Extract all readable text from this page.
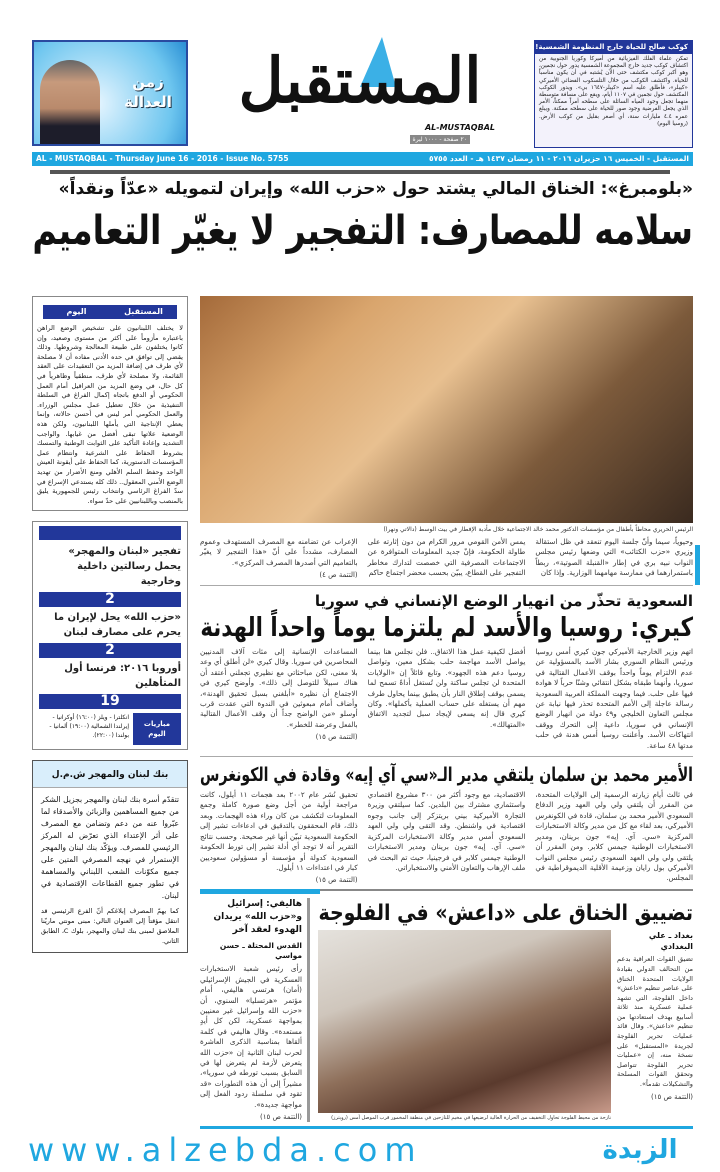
زمن العدالة	المستقبل
AL-MUSTAQBAL
٢٠ صفحة - ١٠٠٠ ليرة
كوكب صالح للحياة خارج المنظومة الشمسية!
تمكن علماء الفلك الفيزيائية من أميركا وكوريا الجنوبية من اكتشاف كوكب جديد خارج المجموعة الشمسية يدور حول نجمين، وهو أكبر كوكب مكتشف حتى الآن يُشتبه في أن يكون مناسباً للحياة. واكتشف الكوكب من خلال التلسكوب الفضائي الأميركي «كيبلر»، فأطلق عليه اسم «كيبلر-١٦٤٧ بي». ويدور الكوكب المكتشف حول نجمين في ١١٠٧ أيام، ويقع على مسافة متوسطة منهما تجعل وجود المياه السائلة على سطحه أمراً ممكناً، الأمر الذي يجعل الفرضية وجود صور للحياة على سطحه ممكنة. ويبلغ عمره ٤.٤ مليارات سنة، أي أصغر بقليل من كوكب الأرض. (روسيا اليوم)
AL - MUSTAQBAL - Thursday June 16 - 2016 - Issue No. 5755	المستقبل - الخميس ١٦ حزيران ٢٠١٦ - ١١ رمضان ١٤٣٧ هـ - العدد ٥٧٥٥
«بلومبرغ»: الخناق المالي يشتد حول «حزب الله» وإيران لتمويله «عدّاً ونقداً»
سلامه للمصارف: التفجير لا يغيّر التعاميم
الرئيس الحريري محاطاً بأطفال من مؤسسات الدكتور محمد خالد الاجتماعية خلال مأدبة الإفطار في بيت الوسط (دالاتي ونهرا)
وحيوياً، سيما وأنّ جلسة اليوم تنعقد في ظل استقالة وزيري «حزب الكتائب» التي وضعها رئيس مجلس النواب نبيه بري في إطار «القنبلة الصوتية»، ربطاً باستمرارهما في ممارسة مهامهما الوزارية. وإذا كان
يمس الأمن القومي مرور الكرام من دون إثارته على طاولة الحكومة، فإنّ جديد المعلومات المتوافرة عن الاجتماعات المصرفية التي خصصت لتدارك مخاطر التفجير على القطاع، يبيّن بحسب محضر اجتماع حاكم
الإعراب عن تضامنه مع المصرف المستهدف وعموم المصارف، مشدداً على أنّ «هذا التفجير لا يغيّر بالتعاميم التي أصدرها المصرف المركزي».
(التتمة ص ٤)
السعودية تحذّر من انهيار الوضع الإنساني في سوريا
كيري: روسيا والأسد لم يلتزما يوماً واحداً الهدنة
اتهم وزير الخارجية الأميركي جون كيري أمس روسيا ورئيس النظام السوري بشار الأسد بالمسؤولية عن عدم الالتزام يوماً واحداً بوقف الأعمال القتالية في سوريا، وأنهما طبقاه بشكل انتقائي وشنّا حرباً لا هوادة فيها على حلب. فيما وجهت المملكة العربية السعودية رسالة عاجلة إلى الأمم المتحدة تحذر فيها نيابة عن مجلس التعاون الخليجي و٤٩ دولة من انهيار الوضع الإنساني في سوريا، داعية إلى التحرك ووقف انتهاكات الأسد. وأعلنت روسيا أمس هدنة في حلب مدتها ٤٨ ساعة.
أفضل لكيفية عمل هذا الاتفاق.. فلن نجلس هنا بينما يواصل الأسد مهاجمة حلب بشكل معين، وتواصل روسيا دعم هذه الجهود». وتابع قائلاً إن «الولايات المتحدة لن تجلس ساكنة ولن تُستغل أداةً تسمح لما يسمى بوقف إطلاق النار بأن يطبق بينما يحاول طرف مهم أن يستغله على حساب العملية بأكملها». وكان كيري قال إنه يسعى لإيجاد سبل لتجديد الاتفاق «المتهالك».
المساعدات الإنسانية إلى مئات آلاف المدنيين المحاصرين في سوريا. وقال كيري «لن أطلق أي وعد بلا معنى، لكن مباحثاتي مع نظيري تجعلني أعتقد أن هناك سبيلاً للتوصل إلى ذلك». وأوضح كيري في الاجتماع أن نظيره «أبلغني بسبل تحقيق الهدنة»، وأضاف أمام مبعوثين في الندوة التي عقدت قرب أوسلو «من الواضح جداً أن وقف الأعمال القتالية بالفعل وعرضة للخطر».
(التتمة ص ١٥)
الأمير محمد بن سلمان يلتقي مدير الـ«سي آي إيه» وقادة في الكونغرس
في ثالث أيام زيارته الرسمية إلى الولايات المتحدة، من المقرر أن يلتقي ولي ولي العهد وزير الدفاع السعودي الأمير محمد بن سلمان، قادة في الكونغرس الأميركي، بعد لقاء مع كل من مدير وكالة الاستخبارات المركزية «سي. آي. إيه» جون برينان، ومدير الاستخبارات الوطنية جيمس كلابر. ومن المقرر أن يلتقي ولي ولي العهد السعودي رئيس مجلس النواب الأميركي بول رايان وزعيمة الأقلية الديموقراطية في المجلس.
الاقتصادية، مع وجود أكثر من ٣٠٠ مشروع اقتصادي واستثماري مشترك بين البلدين. كما سيلتقي وزيرة التجارة الأميركية بيني بريتزكر إلى جانب وجوه اقتصادية في واشنطن. وقد التقى ولي ولي العهد السعودي أمس مدير وكالة الاستخبارات المركزية «سي. آي. إيه» جون برينان ومدير الاستخبارات الوطنية جيمس كلابر في فرجينيا، حيث تم البحث في ملف الإرهاب والتعاون الأمني والاستخباراتي.
تحقيق نُشر عام ٢٠٠٢ بعد هجمات ١١ أيلول، كانت مراجعة أولية من أجل وضع صورة كاملة وجمع المعلومات لتكشف من كان وراء هذه الهجمات. وبعد ذلك، قام المحققون بالتدقيق في ادعاءات تشير إلى الحكومة السعودية تبيّن أنها غير صحيحة. وحسب نتائج التقرير أنه لا توجد أي أدلة تشير إلى تورط الحكومة السعودية كدولة أو مؤسسة أو مسؤولين سعوديين كبار في اعتداءات ١١ أيلول.
(التتمة ص ١٥)
هاليفي: إسرائيل و«حزب الله» يريدان الهدوء لعقد آخر
القدس المحتلة ـ حسن مواسي
رأى رئيس شعبة الاستخبارات العسكرية في الجيش الإسرائيلي (أمان) هرتسي هاليفي، أمام مؤتمر «هرتسليا» السنوي، أن «حزب الله وإسرائيل غير معنيين بمواجهة عسكرية، لكن كل أيدٍ مستعدة». وقال هاليفي في كلمة ألقاها بمناسبة الذكرى العاشرة لحرب لبنان الثانية إن «حزب الله يتعرض لأزمة لم يتعرض لها في السابق بسبب تورطه في سوريا»، مشيراً إلى أن هذه التطورات «قد تقود في سلسلة ردود الفعل إلى مواجهة جديدة».
(التتمة ص ١٥)
تضييق الخناق على «داعش» في الفلوجة
بغداد ـ علي البغدادي
تضيق القوات العراقية بدعم من التحالف الدولي بقيادة الولايات المتحدة الخناق على عناصر تنظيم «داعش» داخل الفلوجة، التي تشهد عملية عسكرية منذ ثلاثة أسابيع بهدف استعادتها من تنظيم «داعش». وقال قائد عمليات تحرير الفلوجة لجريدة «المستقبل» على نسخة منه، إن «عمليات تحرير الفلوجة تتواصل وتحقق القوات المسلحة والتشكيلات تقدماً».
(التتمة ص ١٥)
نازحة من محيط الفلوجة تحاول التخفيف من الحرارة العالية لرضيعها في مخيم للنازحين في منطقة المخمور قرب الموصل أمس (رويترز)
المستقبل
اليوم
لا يختلف اللبنانيون على تشخيص الوضع الراهن باعتباره مأزوماً على أكثر من مستوى وصعيد، وإن كانوا يختلفون على طبيعة المعالجة وشروطها. وذلك يقضي إلى توافق في حده الأدنى مفاده أن لا مصلحة لأي طرف في إضافة المزيد من التعقيدات على العقد القائمة، ولا مصلحة لأي طرف، منطقياً وظاهرياً في كل حال، في وضع المزيد من العراقيل أمام العمل الحكومي أو الدفع باتجاه إكمال الفراغ في السلطة التنفيذية من خلال تعطيل عمل مجلس الوزراء. والعمل الحكومي أمر ليس في أحسن حالاته، وإنما يعطي الإنتاجية التي يأملها اللبنانيون، ولكن هذه الوضعية علاتها تبقى أفضل من غيابها. والواجب التشديد وإعادة التأكيد على الثوابت الوطنية والتمسك بشروط الحفاظ على الشرعية وانتظام عمل المؤسسات الدستورية، كما الحفاظ على أيقونة العيش الواحد وحفظ السلم الأهلي ومنع الأضرار من تهديد الوضع الأمني المعقول.. ذلك كله يستدعي الإسراع في سدّ الفراغ الرئاسي وانتخاب رئيس للجمهورية يليق بالمنصب وباللبنانيين على حدّ سواء.
تفجير «لبنان والمهجر» يحمل رسالتين داخلية وخارجية
2
«حزب الله» يحل لإيران ما يحرم على مصارف لبنان
2
أوروبا ٢٠١٦: فرنسا أول المتأهلين
19
مباريات اليوم
انكلترا - ويلز (١٦:٠٠) أوكرانيا - إيرلندا الشمالية (١٩:٠٠) ألمانيا - بولندا (٢٢:٠٠).
بنك لبنان والمهجر ش.م.ل
تتقدّم أسرة بنك لبنان والمهجر بجزيل الشكر من جميع المساهمين والزبائن والأصدقاء لما عبّروا عنه من دعم وتضامن مع المصرف على أثر الإعتداء الذي تعرّض له المركز الرئيسي للمصرف. ويؤكّد بنك لبنان والمهجر الإستمرار في نهجه المصرفي المتين على جميع مكوّنات الشعب اللبناني والمساهمة في تطور جميع القطاعات الإقتصادية في لبنان.
كما يهمّ المصرف إبلاغكم أنّ الفرع الرئيسي قد انتقل مؤقتاً إلى العنوان التالي: مبنى مونتي ماريّنا الملاصق لمبنى بنك لبنان والمهجر، بلوك C، الطابق الثاني.
www.alzebda.com	الزبدة
